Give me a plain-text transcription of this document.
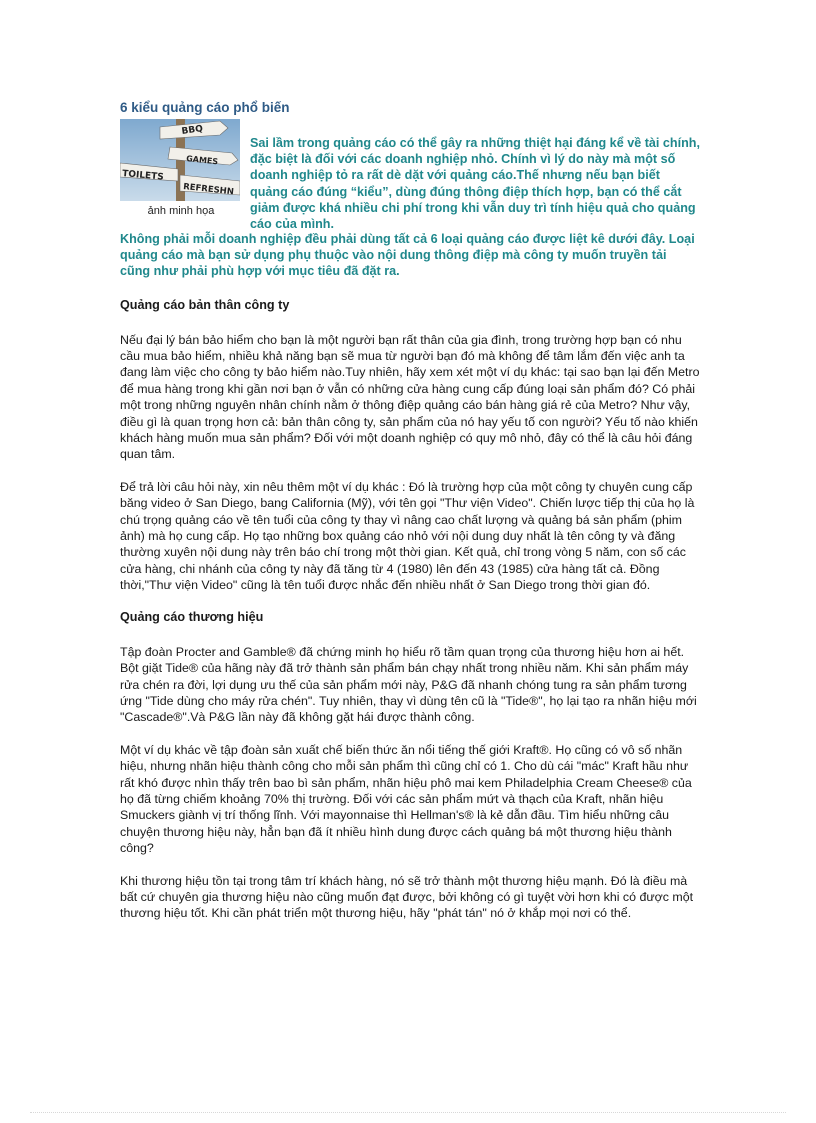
6 kiểu quảng cáo phổ biến
BBQ
GAMES
TOILETS
REFRESHN
ảnh minh họa
Sai lầm trong quảng cáo có thể gây ra những thiệt hại đáng kể về tài chính, đặc biệt là đối với các doanh nghiệp nhỏ. Chính vì lý do này mà một số doanh nghiệp tỏ ra rất dè dặt với quảng cáo.Thế nhưng nếu bạn biết quảng cáo đúng “kiểu”, dùng đúng thông điệp thích hợp, bạn có thể cắt giảm được khá nhiều chi phí trong khi vẫn duy trì tính hiệu quả cho quảng cáo của mình.
Không phải mỗi doanh nghiệp đều phải dùng tất cả 6 loại quảng cáo được liệt kê dưới đây. Loại quảng cáo mà bạn sử dụng phụ thuộc vào nội dung thông điệp mà công ty muốn truyền tải cũng như phải phù hợp với mục tiêu đã đặt ra.
Quảng cáo bản thân công ty
Nếu đại lý bán bảo hiểm cho bạn là một người bạn rất thân của gia đình, trong trường hợp bạn có nhu cầu mua bảo hiểm, nhiều khả năng bạn sẽ mua từ người bạn đó mà không để tâm lắm đến việc anh ta đang làm việc cho công ty bảo hiểm nào.Tuy nhiên, hãy xem xét một ví dụ khác: tại sao bạn lại đến Metro để mua hàng trong khi gần nơi bạn ở vẫn có những cửa hàng cung cấp đúng loại sản phẩm đó? Có phải một trong những nguyên nhân chính nằm ở thông điệp quảng cáo bán hàng giá rẻ của Metro? Như vậy, điều gì là quan trọng hơn cả: bản thân công ty, sản phẩm của nó hay yếu tố con người? Yếu tố nào khiến khách hàng muốn mua sản phẩm? Đối với một doanh nghiệp có quy mô nhỏ, đây có thể là câu hỏi đáng quan tâm.
Để trả lời câu hỏi này, xin nêu thêm một ví dụ khác : Đó là trường hợp của một công ty chuyên cung cấp băng video ở San Diego, bang California (Mỹ), với tên gọi "Thư viện Video". Chiến lược tiếp thị của họ là chú trọng quảng cáo về tên tuổi của công ty thay vì nâng cao chất lượng và quảng bá sản phẩm (phim ảnh) mà họ cung cấp. Họ tạo những box quảng cáo nhỏ với nội dung duy nhất là tên công ty và đăng thường xuyên nội dung này trên báo chí trong một thời gian. Kết quả, chỉ trong vòng 5 năm, con số các cửa hàng, chi nhánh của công ty này đã tăng từ 4 (1980) lên đến 43 (1985) cửa hàng tất cả. Đồng thời,"Thư viện Video" cũng là tên tuổi được nhắc đến nhiều nhất ở San Diego trong thời gian đó.
Quảng cáo thương hiệu
Tập đoàn Procter and Gamble® đã chứng minh họ hiểu rõ tầm quan trọng của thương hiệu hơn ai hết. Bột giặt Tide® của hãng này đã trở thành sản phẩm bán chạy nhất trong nhiều năm. Khi sản phẩm máy rửa chén ra đời, lợi dụng ưu thế của sản phẩm mới này, P&G đã nhanh chóng tung ra sản phẩm tương ứng "Tide dùng cho máy rửa chén". Tuy nhiên, thay vì dùng tên cũ là "Tide®", họ lại tạo ra nhãn hiệu mới "Cascade®".Và P&G lần này đã không gặt hái được thành công.
Một ví dụ khác về tập đoàn sản xuất chế biến thức ăn nổi tiếng thế giới Kraft®. Họ cũng có vô số nhãn hiệu, nhưng nhãn hiệu thành công cho mỗi sản phẩm thì cũng chỉ có 1. Cho dù cái "mác" Kraft hầu như rất khó được nhìn thấy trên bao bì sản phẩm, nhãn hiệu phô mai kem Philadelphia Cream Cheese® của họ đã từng chiếm khoảng 70% thị trường. Đối với các sản phẩm mứt và thạch của Kraft, nhãn hiệu Smuckers giành vị trí thống lĩnh. Với mayonnaise thì Hellman's® là kẻ dẫn đầu. Tìm hiểu những câu chuyện thương hiệu này, hẳn bạn đã ít nhiều hình dung được cách quảng bá một thương hiệu thành công?
Khi thương hiệu tồn tại trong tâm trí khách hàng, nó sẽ trở thành một thương hiệu mạnh. Đó là điều mà bất cứ chuyên gia thương hiệu nào cũng muốn đạt được, bởi không có gì tuyệt vời hơn khi có được một thương hiệu tốt. Khi cần phát triển một thương hiệu, hãy "phát tán" nó ở khắp mọi nơi có thể.
